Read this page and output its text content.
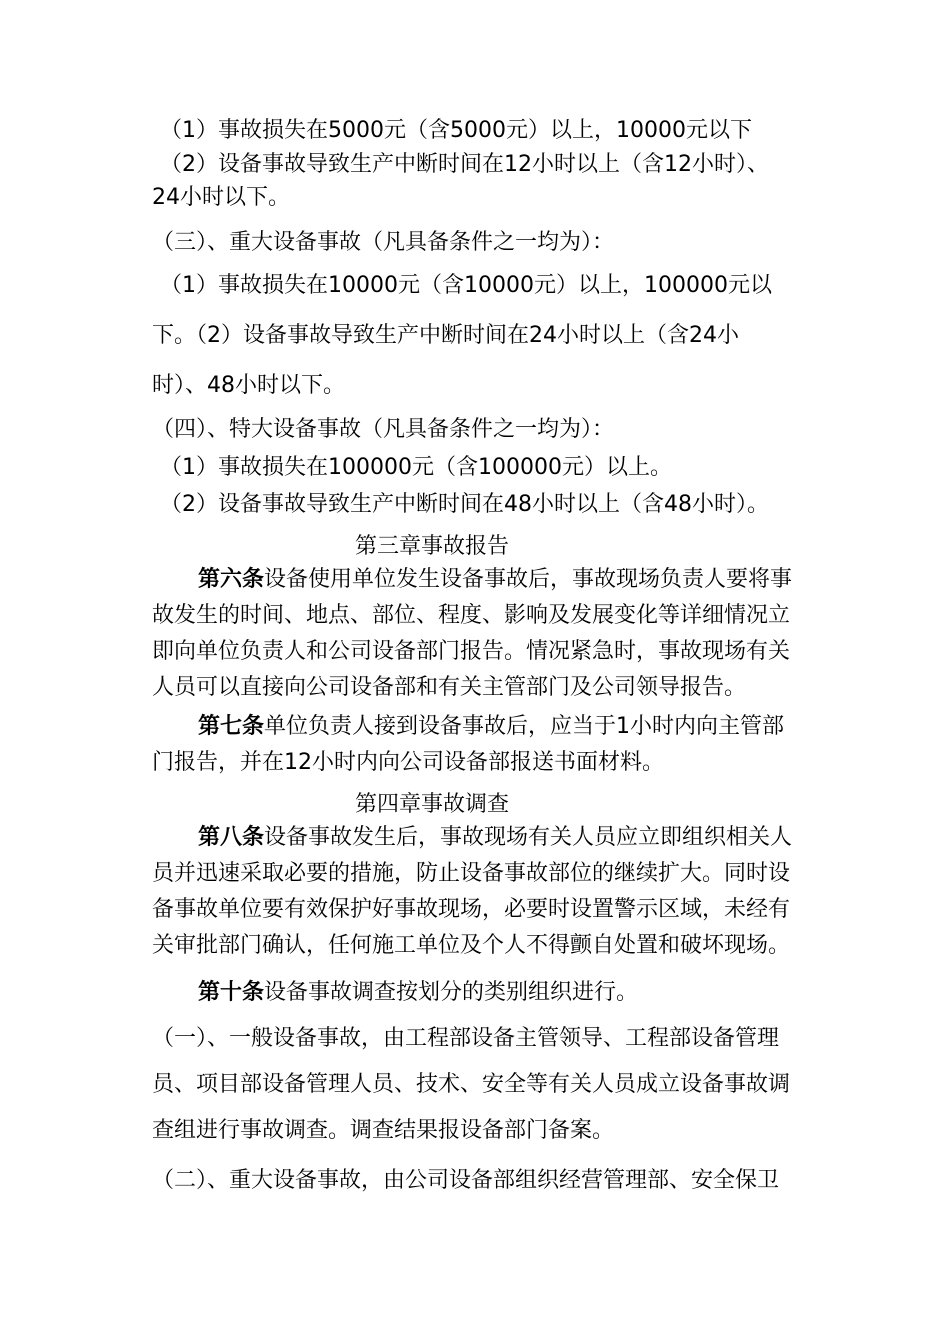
（1）事故损失在5000元（含5000元）以上，10000元以下
（2）设备事故导致生产中断时间在12小时以上（含12小时）、
24小时以下。
（三）、重大设备事故（凡具备条件之一均为）：
（1）事故损失在10000元（含10000元）以上，100000元以
下。（2）设备事故导致生产中断时间在24小时以上（含24小
时）、48小时以下。
（四）、特大设备事故（凡具备条件之一均为）：
（1）事故损失在100000元（含100000元）以上。
（2）设备事故导致生产中断时间在48小时以上（含48小时）。
第三章事故报告
第六条设备使用单位发生设备事故后，事故现场负责人要将事
故发生的时间、地点、部位、程度、影响及发展变化等详细情况立
即向单位负责人和公司设备部门报告。情况紧急时，事故现场有关
人员可以直接向公司设备部和有关主管部门及公司领导报告。
第七条单位负责人接到设备事故后，应当于1小时内向主管部
门报告，并在12小时内向公司设备部报送书面材料。
第四章事故调查
第八条设备事故发生后，事故现场有关人员应立即组织相关人
员并迅速采取必要的措施，防止设备事故部位的继续扩大。同时设
备事故单位要有效保护好事故现场，必要时设置警示区域，未经有
关审批部门确认，任何施工单位及个人不得颤自处置和破坏现场。
第十条设备事故调查按划分的类别组织进行。
（一）、一般设备事故，由工程部设备主管领导、工程部设备管理
员、项目部设备管理人员、技术、安全等有关人员成立设备事故调
查组进行事故调查。调查结果报设备部门备案。
（二）、重大设备事故，由公司设备部组织经营管理部、安全保卫
